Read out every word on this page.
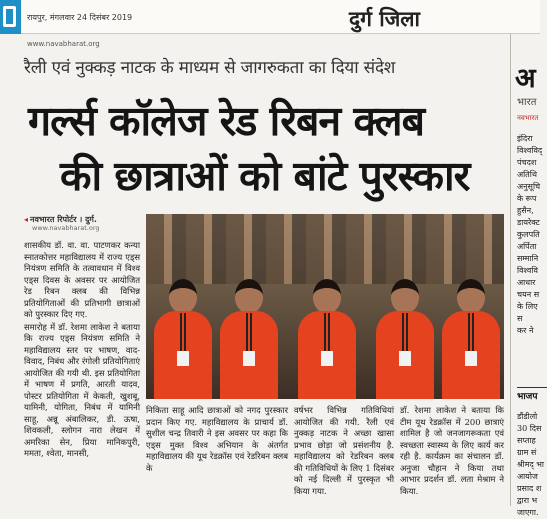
रायपुर, मंगलवार 24 दिसंबर 2019	दुर्ग जिला
www.navabharat.org
रैली एवं नुक्कड़ नाटक के माध्यम से जागरुकता का दिया संदेश
गर्ल्स कॉलेज रेड रिबन क्लब
की छात्राओं को बांटे पुरस्कार
◂ नवभारत रिपोर्टर । दुर्ग.
www.navabharat.org

शासकीय डॉ. वा. वा. पाटणकर कन्या स्नातकोत्तर महाविद्यालय में राज्य एड्स नियंत्रण समिति के तत्वावधान में विश्व एड्स दिवस के अवसर पर आयोजित रेड रिबन क्लब की विभिन्न प्रतियोगिताओं की प्रतिभागी छात्राओं को पुरस्कार दिए गए.

समारोह में डॉ. रेशमा लाकेश ने बताया कि राज्य एड्स नियंत्रण समिति ने महाविद्यालय स्तर पर भाषण, वाद-विवाद, निबंध और रंगोली प्रतियोगिताएं आयोजित की गयी थी. इस प्रतियोगिता में भाषण में प्रगति, आरती यादव, पोस्टर प्रतियोगिता में केकती, खुशबू, यामिनी, योगिता, निबंध में यामिनी साहू, अन्नू अंबालिकर, डी. ऊषा, शिवकली, स्लोगन नारा लेखन में अमरिका सेन, प्रिया मानिकपुरी, ममता, श्वेता, मानसी,

निकिता साहू आदि छात्राओं को नगद पुरस्कार प्रदान किए गए. महाविद्यालय के प्राचार्य डॉ. सुशील चन्द्र तिवारी ने इस अवसर पर कहा कि एड्स मुक्त विश्व अभियान के अंतर्गत महाविद्यालय की यूथ रेडक्रॉस एवं रेडरिबन क्लब के
वर्षभर विभिन्न गतिविधियां आयोजित की गयी. रैली एवं नुक्कड़ नाटक ने अच्छा खासा प्रभाव छोड़ा जो प्रसंशनीय है. महाविद्यालय को रेडरिबन क्लब की गतिविधियों के लिए 1 दिसंबर को नई दिल्ली में पुरस्कृत भी किया गया.
डॉ. रेशमा लाकेश ने बताया कि टीम यूथ रेडक्रॉस में 200 छात्राएं शामिल है जो जनजागरूकता एवं स्वच्छता स्वास्थ्य के लिए कार्य कर रही है. कार्यक्रम का संचालन डॉ. अनुजा चौहान ने किया तथा आभार प्रदर्शन डॉ. लता मेश्राम ने किया.
अ
भारत
नवभारत
इंदिरा
विश्वविद्
पंचदश
अतिथि
अनुसूचि
के रूप
हुसैन,
डायरेक्ट
कुलपति
अर्पिता
सम्मानि
विश्ववि
आधार
चयन स
के लिए
स
कर ने
भाजप
डौंडीलो
30 दिस
सप्ताह
ग्राम सं
श्रीमद् भा
आयोज
प्रसाद श
द्वारा भ
जाएगा.
